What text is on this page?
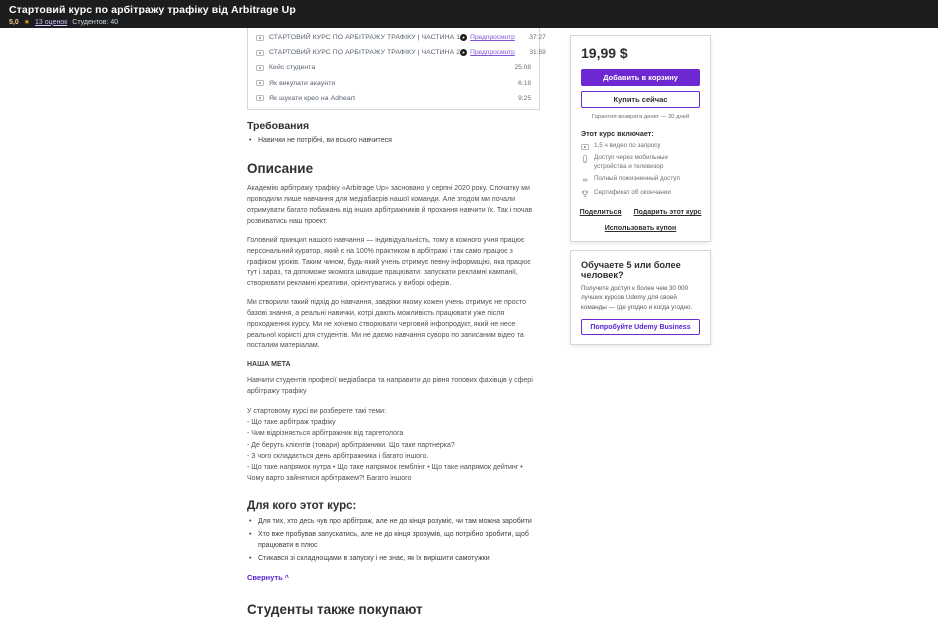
Стартовий курс по арбітражу трафіку від Arbitrage Up
5,0 ★ 13 оценок Студентов: 40
СТАРТОВИЙ КУРС ПО АРБІТРАЖУ ТРАФІКУ | ЧАСТИНА 1 Предпросмотр	37:27
СТАРТОВИЙ КУРС ПО АРБІТРАЖУ ТРАФІКУ | ЧАСТИНА 2 Предпросмотр	31:59
Кейс студента	25:08
Як викупати акаунти	6:18
Як шукати крео на Adheart	9:25
Требования
• Навички не потрібні, ви всього навчитеся
Описание

Академію арбітражу трафіку «Arbitrage Up» засновано у серпні 2020 року. Спочатку ми проводили лише навчання для медіабаєрів нашої команди. Але згодом ми почали отримувати багато побажань від інших арбітражників й прохання навчити їх. Так і почав розвиватись наш проект.

Головний принцип нашого навчання — індивідуальність, тому в кожного учня працює персональний куратор, який є на 100% практиком в арбітражі і так само працює з графіком уроків. Таким чином, будь-який учень отримує певну інформацію, яка працює тут і зараз, та допоможе якомога швидше працювати: запускати рекламні кампанії, створювати рекламні креативи, орієнтуватись у виборі оферів.

Ми створили такий підхід до навчання, завдяки якому кожен учень отримує не просто базові знання, а реальні навички, котрі дають можливість працювати уже після проходження курсу. Ми не хочемо створювати черговий інфопродукт, який не несе реальної користі для студентів. Ми не даємо навчання суворо по записаним відео та посталим матеріалам.

НАША МЕТА

Навчити студентів професії медіабаєра та направити до рівня топових фахівців у сфері арбітражу трафіку

У стартовому курсі ви розберете такі теми:
- Що таке арбітраж трафіку
- Чим відрізняється арбітражник від таргетолога
- Де беруть клієнтів (товари) арбітражники. Що таке партнерка?
- З чого складається день арбітражника і багато іншого.
- Що таке напрямок нутра • Що таке напрямок гемблінг • Що таке напрямок дейтинг • Чому варто зайнятися арбітражем?! Багато іншого
Для кого этот курс:
• Для тих, хто десь чув про арбітраж, але не до кінця розуміє, чи там можна заробити
• Хто вже пробував запускатись, але не до кінця зрозумів, що потрібно зробити, щоб працювати в плюс
• Стикався зі складнощами в запуску і не знає, як їх вирішити самотужки
Свернуть ^
Студенты также покупают
19,99 $
Добавить в корзину
Купить сейчас
Гарантия возврата денег — 30 дней
Этот курс включает:
1,5 ч видео по запросу
Доступ через мобильные устройства и телевизор
∞ Полный пожизненный доступ
Сертификат об окончании
Поделиться Подарить этот курс
Использовать купон
Обучаете 5 или более человек?
Получите доступ к более чем 30 000 лучших курсов Udemy для своей команды — где угодно и когда угодно.
Попробуйте Udemy Business
